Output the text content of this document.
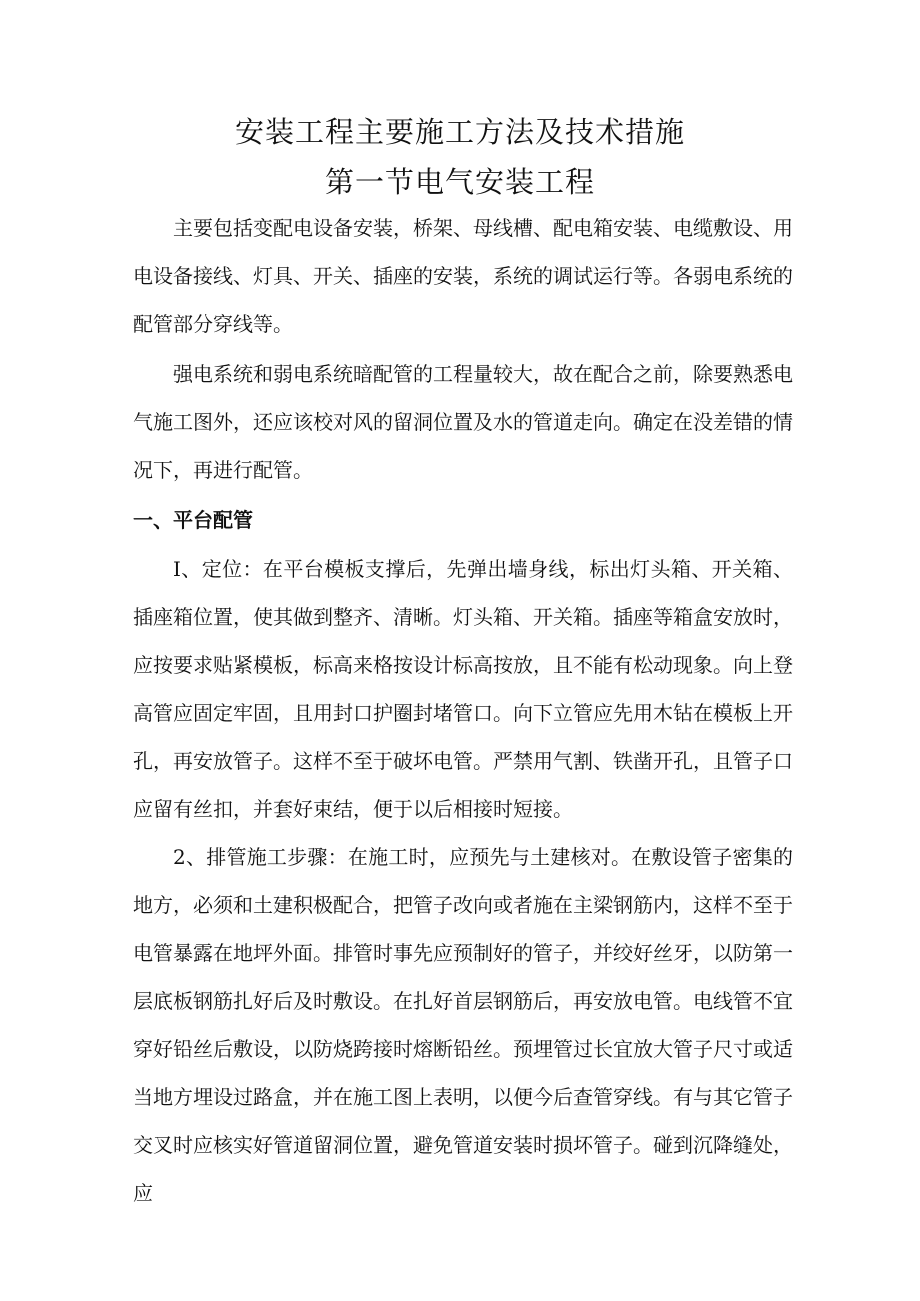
安装工程主要施工方法及技术措施
第一节电气安装工程

主要包括变配电设备安装，桥架、母线槽、配电箱安装、电缆敷设、用电设备接线、灯具、开关、插座的安装，系统的调试运行等。各弱电系统的配管部分穿线等。

强电系统和弱电系统暗配管的工程量较大，故在配合之前，除要熟悉电气施工图外，还应该校对风的留洞位置及水的管道走向。确定在没差错的情况下，再进行配管。

一、平台配管

I、定位：在平台模板支撑后，先弹出墙身线，标出灯头箱、开关箱、插座箱位置，使其做到整齐、清晰。灯头箱、开关箱。插座等箱盒安放时，应按要求贴紧模板，标高来格按设计标高按放，且不能有松动现象。向上登高管应固定牢固，且用封口护圈封堵管口。向下立管应先用木钻在模板上开孔，再安放管子。这样不至于破坏电管。严禁用气割、铁凿开孔，且管子口应留有丝扣，并套好束结，便于以后相接时短接。

2、排管施工步骤：在施工时，应预先与土建核对。在敷设管子密集的地方，必须和土建积极配合，把管子改向或者施在主梁钢筋内，这样不至于电管暴露在地坪外面。排管时事先应预制好的管子，并绞好丝牙，以防第一层底板钢筋扎好后及时敷设。在扎好首层钢筋后，再安放电管。电线管不宜穿好铅丝后敷设，以防烧跨接时熔断铅丝。预埋管过长宜放大管子尺寸或适当地方埋设过路盒，并在施工图上表明，以便今后查管穿线。有与其它管子交叉时应核实好管道留洞位置，避免管道安装时损坏管子。碰到沉降缝处，应
